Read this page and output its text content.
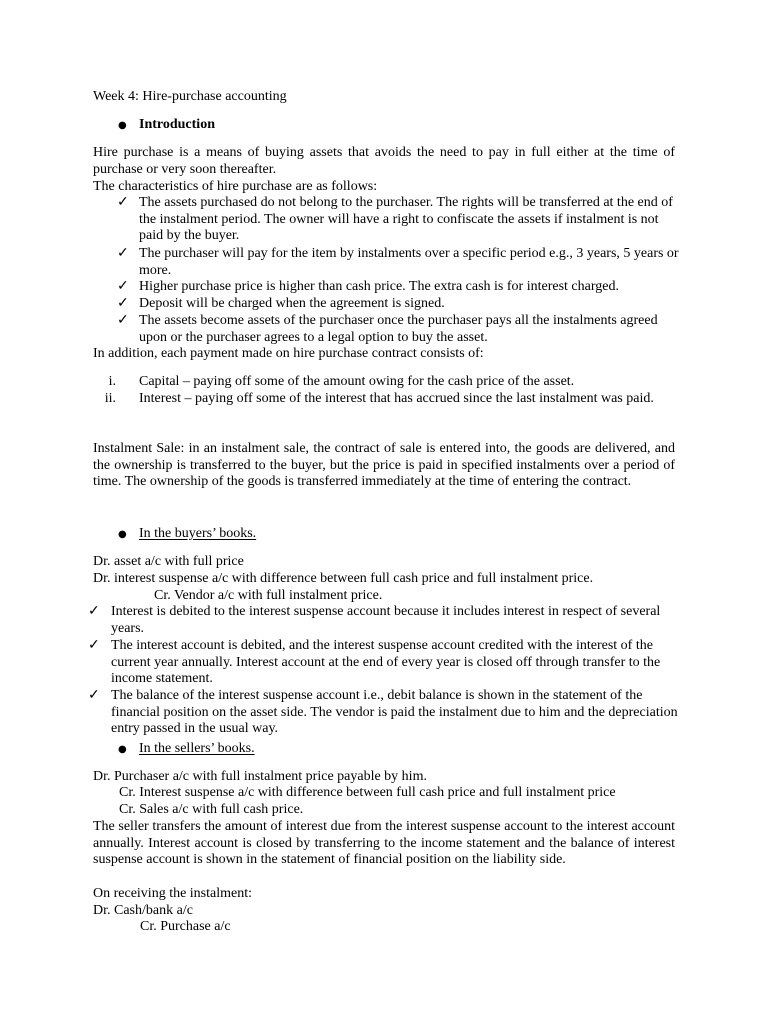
Week 4: Hire-purchase accounting

● Introduction

Hire purchase is a means of buying assets that avoids the need to pay in full either at the time of purchase or very soon thereafter.

The characteristics of hire purchase are as follows:

✓ The assets purchased do not belong to the purchaser. The rights will be transferred at the end of the instalment period. The owner will have a right to confiscate the assets if instalment is not paid by the buyer.

✓ The purchaser will pay for the item by instalments over a specific period e.g., 3 years, 5 years or more.

✓ Higher purchase price is higher than cash price. The extra cash is for interest charged.

✓ Deposit will be charged when the agreement is signed.

✓ The assets become assets of the purchaser once the purchaser pays all the instalments agreed upon or the purchaser agrees to a legal option to buy the asset.

In addition, each payment made on hire purchase contract consists of:

i. Capital – paying off some of the amount owing for the cash price of the asset.

ii. Interest – paying off some of the interest that has accrued since the last instalment was paid.

Instalment Sale: in an instalment sale, the contract of sale is entered into, the goods are delivered, and the ownership is transferred to the buyer, but the price is paid in specified instalments over a period of time. The ownership of the goods is transferred immediately at the time of entering the contract.

● In the buyers’ books.

Dr. asset a/c with full price

Dr. interest suspense a/c with difference between full cash price and full instalment price.

Cr. Vendor a/c with full instalment price.

✓ Interest is debited to the interest suspense account because it includes interest in respect of several years.

✓ The interest account is debited, and the interest suspense account credited with the interest of the current year annually. Interest account at the end of every year is closed off through transfer to the income statement.

✓ The balance of the interest suspense account i.e., debit balance is shown in the statement of the financial position on the asset side. The vendor is paid the instalment due to him and the depreciation entry passed in the usual way.

● In the sellers’ books.

Dr. Purchaser a/c with full instalment price payable by him.

Cr. Interest suspense a/c with difference between full cash price and full instalment price

Cr. Sales a/c with full cash price.

The seller transfers the amount of interest due from the interest suspense account to the interest account annually. Interest account is closed by transferring to the income statement and the balance of interest suspense account is shown in the statement of financial position on the liability side.

On receiving the instalment:

Dr. Cash/bank a/c

Cr. Purchase a/c
